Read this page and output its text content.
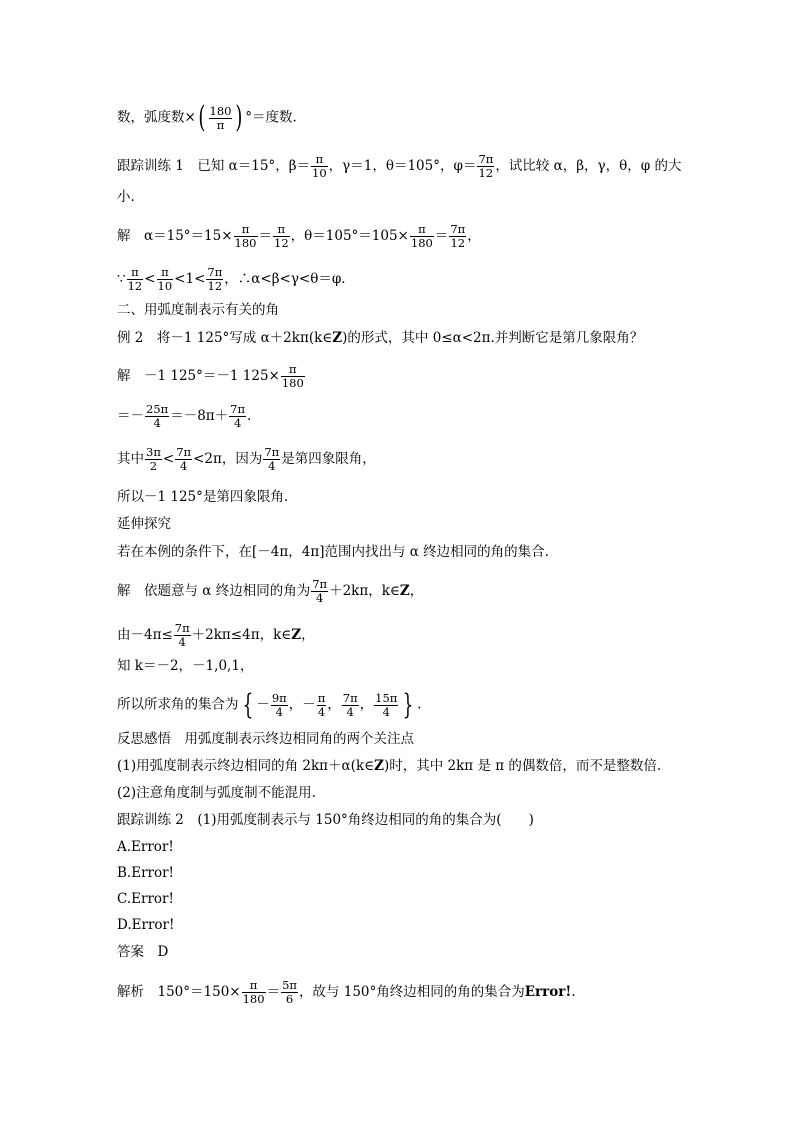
数，弧度数×( $\frac{180}{\pi}$ ) °＝度数.
跟踪训练 1　已知 α＝15°，$\beta= \frac{\pi}{10}$ ，γ＝1，θ＝105°，$\varphi= \frac{7\pi}{12}$ ，试比较 α，β，γ，θ，φ 的大
小.
解　$\alpha=15^\circ=15\times \frac{\pi}{180} = \frac{\pi}{12}$ ，$\theta=105^\circ=105\times \frac{\pi}{180} = \frac{7\pi}{12}$ ，
∵ $\frac{\pi}{12} < \frac{\pi}{10} <1< \frac{7\pi}{12}$ ，∴α<β<γ<θ＝φ.
二、用弧度制表示有关的角
例 2　将－1 125°写成 α＋2kπ(k∈Z)的形式，其中 0≤α<2π.并判断它是第几象限角？
解　－1 125°＝－1 $125\times \frac{\pi}{180}$
＝－ $\frac{25\pi}{4} =-8\pi+ \frac{7\pi}{4}$ .
其中 $\frac{3\pi}{2} < \frac{7\pi}{4} <2\pi$，因为 $\frac{7\pi}{4}$ 是第四象限角，
所以－1 125°是第四象限角.
延伸探究
若在本例的条件下，在[－4π，4π]范围内找出与 α 终边相同的角的集合.
解　依题意与 α 终边相同的角为 $\frac{7\pi}{4} +2k\pi$，k∈Z，
由$-4\pi\le \frac{7\pi}{4} +2k\pi\le 4\pi$，k∈Z，
知 k＝－2，－1,0,1，
所以所求角的集合为 { － $\frac{9\pi}{4}$ ，－ $\frac{\pi}{4}$ ， $\frac{7\pi}{4}$ ， $\frac{15\pi}{4}$ } .
反思感悟　用弧度制表示终边相同角的两个关注点
(1)用弧度制表示终边相同的角 2kπ＋α(k∈Z)时，其中 2kπ 是 π 的偶数倍，而不是整数倍.
(2)注意角度制与弧度制不能混用.
跟踪训练 2　(1)用弧度制表示与 150°角终边相同的角的集合为(　　)
A.Error!
B.Error!
C.Error!
D.Error!
答案　D
解析　$150^\circ=150\times \frac{\pi}{180} = \frac{5\pi}{6}$ ，故与 150°角终边相同的角的集合为Error!.
